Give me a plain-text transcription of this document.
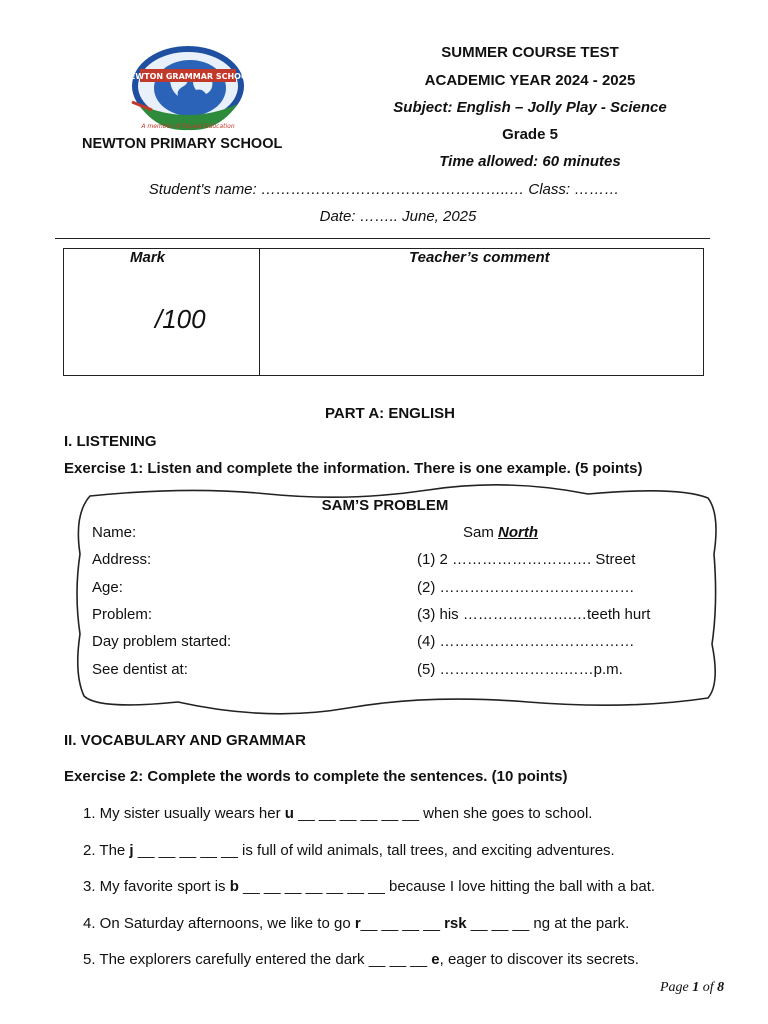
NEWTON GRAMMAR SCHOOL
A member of Equest Education
NEWTON PRIMARY SCHOOL
SUMMER COURSE TEST
ACADEMIC YEAR 2024 - 2025
Subject: English – Jolly Play - Science
Grade 5
Time allowed: 60 minutes
Student's name: …………………………………………..… Class: ………
Date: …….. June, 2025
Mark	Teacher’s comment
/100
PART A: ENGLISH
I. LISTENING
Exercise 1: Listen and complete the information. There is one example. (5 points)
SAM’S PROBLEM
Name:	Sam North
Address:	(1) 2 ………………………. Street
Age:	(2) …………………………………
Problem:	(3) his ………………….…teeth hurt
Day problem started:	(4) …………………………………
See dentist at:	(5) …………………….……p.m.
II. VOCABULARY AND GRAMMAR
Exercise 2: Complete the words to complete the sentences. (10 points)
1. My sister usually wears her u __ __ __ __ __ __ when she goes to school.
2. The j __ __ __ __ __ is full of wild animals, tall trees, and exciting adventures.
3. My favorite sport is b __ __ __ __ __ __ __ because I love hitting the ball with a bat.
4. On Saturday afternoons, we like to go r__ __ __ __ rsk __ __ __ ng at the park.
5. The explorers carefully entered the dark __ __ __ e, eager to discover its secrets.
Page 1 of 8
